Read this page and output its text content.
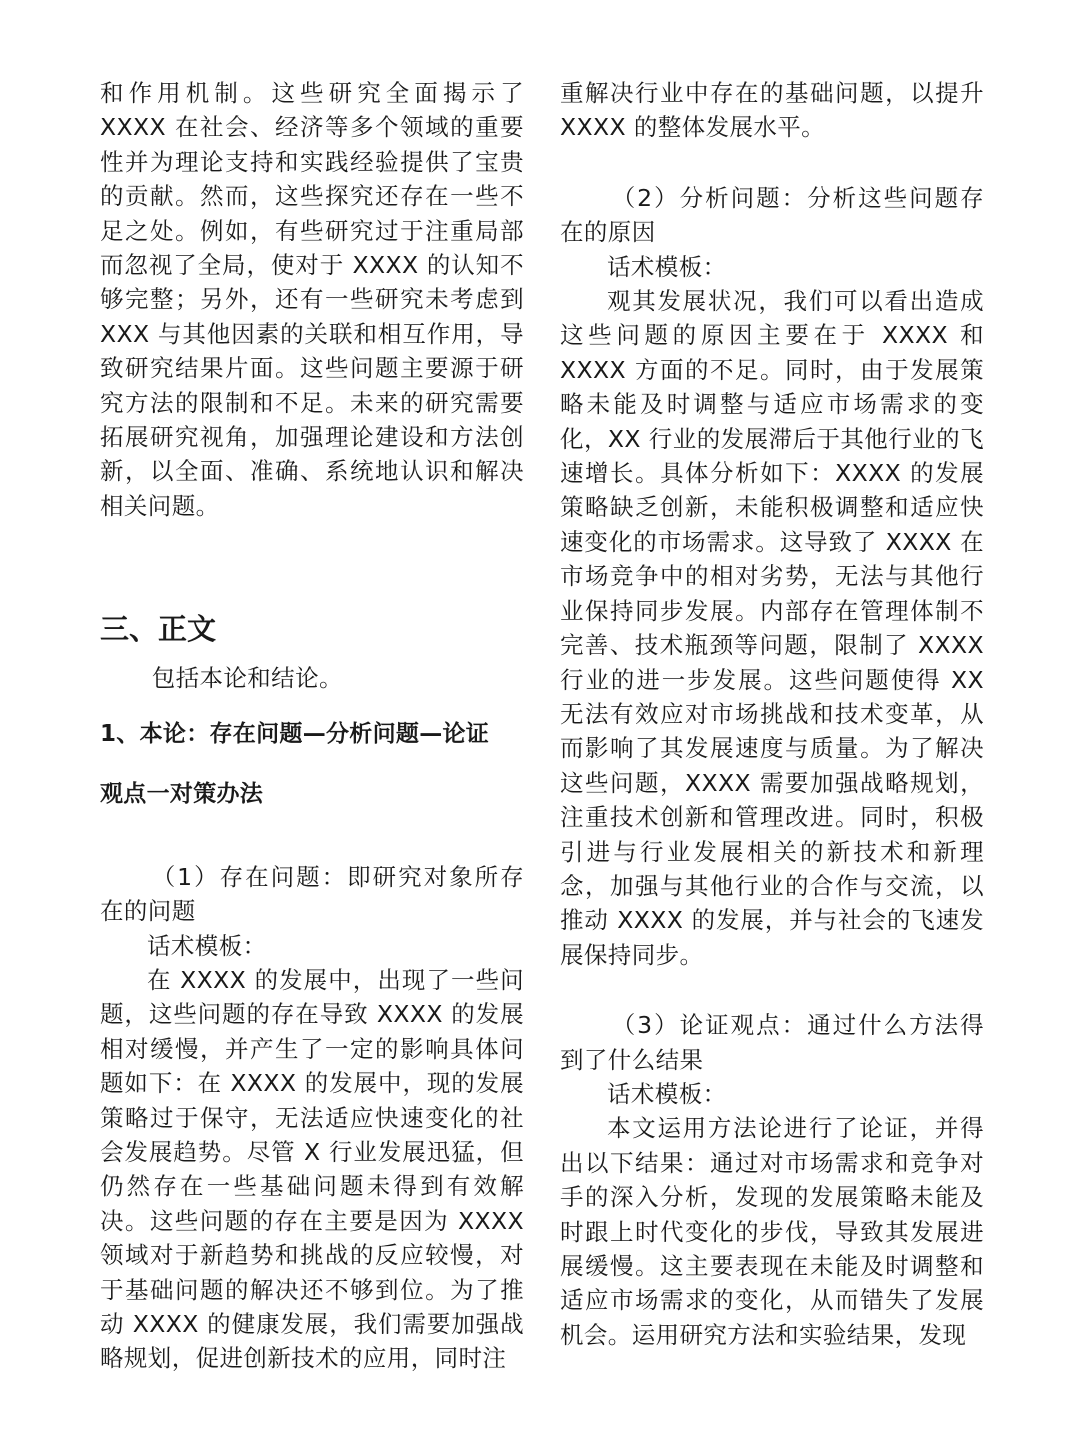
和作用机制。这些研究全面揭示了 XXXX 在社会、经济等多个领域的重要性并为理论支持和实践经验提供了宝贵的贡献。然而，这些探究还存在一些不足之处。例如，有些研究过于注重局部而忽视了全局，使对于 XXXX 的认知不够完整；另外，还有一些研究未考虑到 XXX 与其他因素的关联和相互作用，导致研究结果片面。这些问题主要源于研究方法的限制和不足。未来的研究需要拓展研究视角，加强理论建设和方法创新，以全面、准确、系统地认识和解决相关问题。

三、正文

包括本论和结论。

1、本论：存在问题—分析问题—论证

观点一对策办法

（1）存在问题：即研究对象所存在的问题

话术模板：

在 XXXX 的发展中，出现了一些问题，这些问题的存在导致 XXXX 的发展相对缓慢，并产生了一定的影响具体问题如下：在 XXXX 的发展中，现的发展策略过于保守，无法适应快速变化的社会发展趋势。尽管 X 行业发展迅猛，但仍然存在一些基础问题未得到有效解决。这些问题的存在主要是因为 XXXX 领域对于新趋势和挑战的反应较慢，对于基础问题的解决还不够到位。为了推动 XXXX 的健康发展，我们需要加强战略规划，促进创新技术的应用，同时注

重解决行业中存在的基础问题，以提升 XXXX 的整体发展水平。

（2）分析问题：分析这些问题存在的原因

话术模板：

观其发展状况，我们可以看出造成这些问题的原因主要在于 XXXX 和 XXXX 方面的不足。同时，由于发展策略未能及时调整与适应市场需求的变化，XX 行业的发展滞后于其他行业的飞速增长。具体分析如下：XXXX 的发展策略缺乏创新，未能积极调整和适应快速变化的市场需求。这导致了 XXXX 在市场竞争中的相对劣势，无法与其他行业保持同步发展。内部存在管理体制不完善、技术瓶颈等问题，限制了 XXXX 行业的进一步发展。这些问题使得 XX 无法有效应对市场挑战和技术变革，从而影响了其发展速度与质量。为了解决这些问题，XXXX 需要加强战略规划，注重技术创新和管理改进。同时，积极引进与行业发展相关的新技术和新理念，加强与其他行业的合作与交流，以推动 XXXX 的发展，并与社会的飞速发展保持同步。

（3）论证观点：通过什么方法得到了什么结果

话术模板：

本文运用方法论进行了论证，并得出以下结果：通过对市场需求和竞争对手的深入分析，发现的发展策略未能及时跟上时代变化的步伐，导致其发展进展缓慢。这主要表现在未能及时调整和适应市场需求的变化，从而错失了发展机会。运用研究方法和实验结果，发现
